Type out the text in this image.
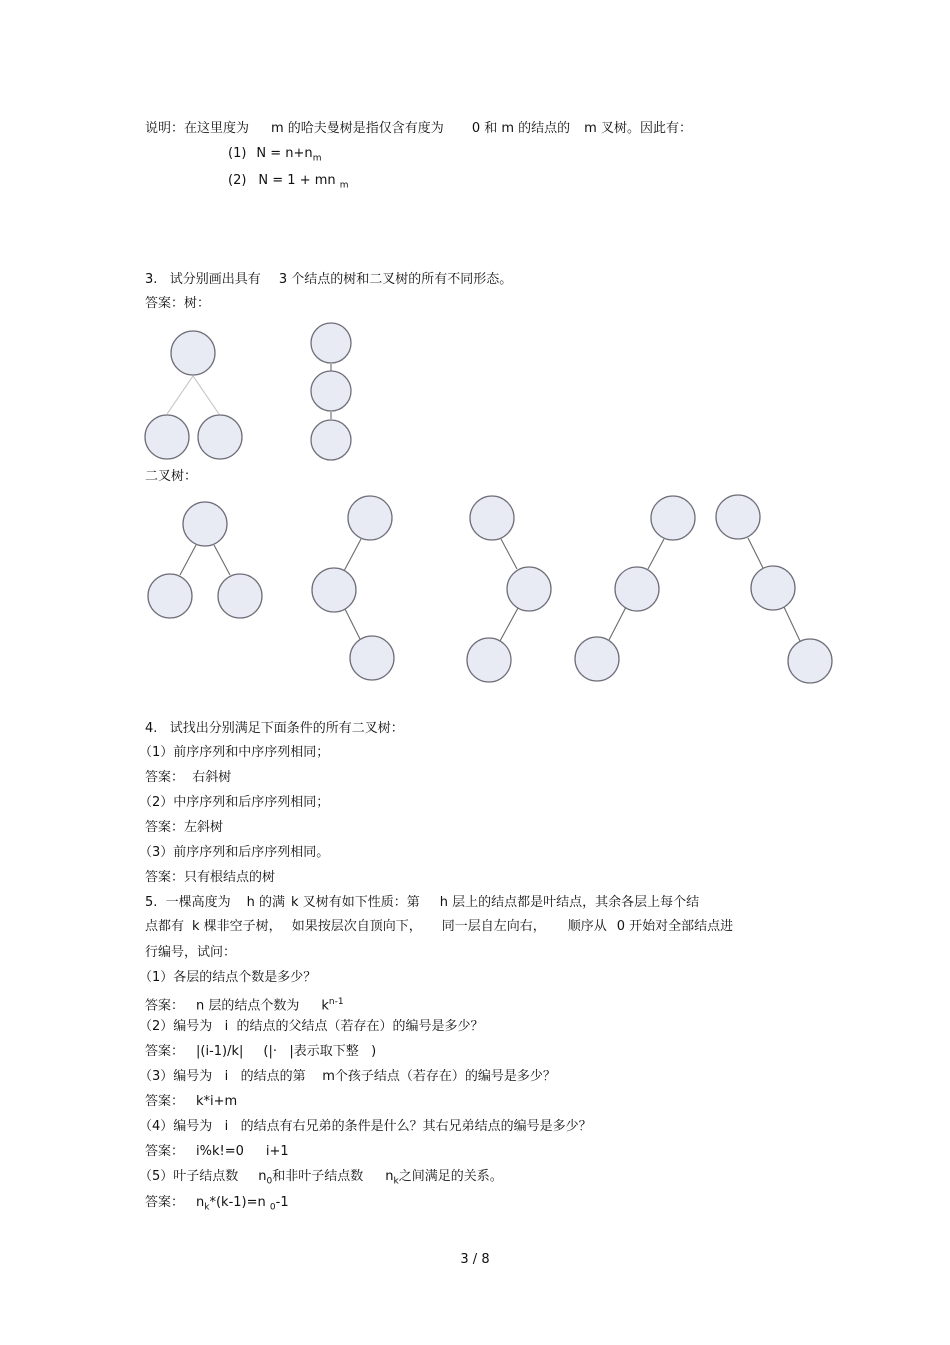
说明：在这里度为 m 的哈夫曼树是指仅含有度为 0 和 m 的结点的 m 叉树。因此有：
(1) $N = n+n_m$
(2) N = 1 + mn $_m$
3.   试分别画出具有 3 个结点的树和二叉树的所有不同形态。
答案：树：
二叉树：
4.   试找出分别满足下面条件的所有二叉树：
（1）前序序列和中序序列相同；
答案：  右斜树
（2）中序序列和后序序列相同；
答案：左斜树
（3）前序序列和后序序列相同。
答案：只有根结点的树
5.  一棵高度为 h 的满 k 叉树有如下性质：第 h 层上的结点都是叶结点，其余各层上每个结
点都有 k 棵非空子树， 如果按层次自顶向下， 同一层自左向右， 顺序从 0 开始对全部结点进
行编号，试问：
（1）各层的结点个数是多少？
答案： n 层的结点个数为 $k^{n-1}$
（2）编号为   i  的结点的父结点（若存在）的编号是多少？
答案： |(i-1)/k| (|·   |表示取下整   )
（3）编号为   i   的结点的第    m个孩子结点（若存在）的编号是多少？
答案： k*i+m
（4）编号为   i   的结点有右兄弟的条件是什么？其右兄弟结点的编号是多少？
答案： i%k!=0 i+1
（5）叶子结点数 $n_0$和非叶子结点数 $n_k$之间满足的关系。
答案： $n_k*(k-1)=n$ $_0$-1
3 / 8
